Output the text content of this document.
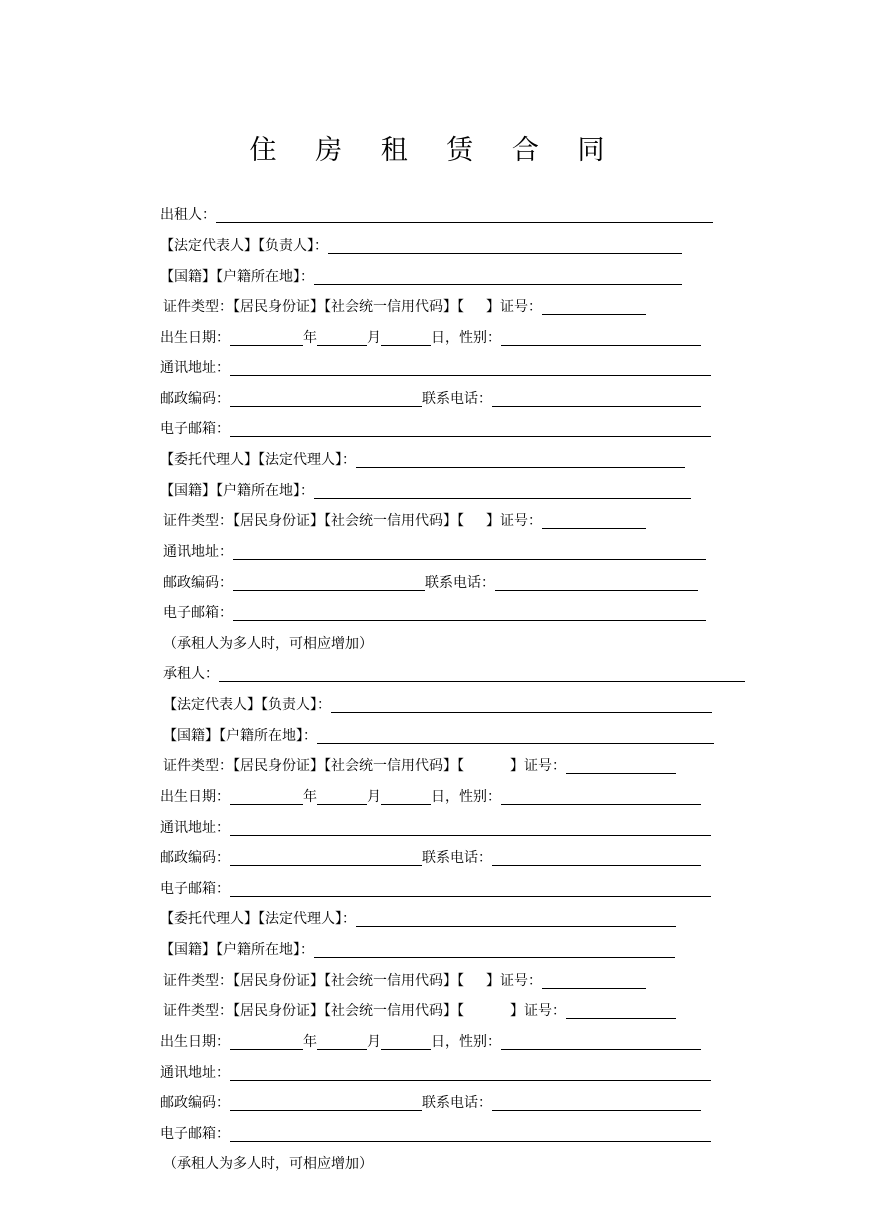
住 房 租 赁 合 同
出租人：
【法定代表人】【负责人】：
【国籍】【户籍所在地】：
证件类型：【居民身份证】【社会统一信用代码】【 】证号：
出生日期：	年	月	日，性别：
通讯地址：
邮政编码：	联系电话：
电子邮箱：
【委托代理人】【法定代理人】：
【国籍】【户籍所在地】：
证件类型：【居民身份证】【社会统一信用代码】【 】证号：
通讯地址：
邮政编码：	联系电话：
电子邮箱：
（承租人为多人时，可相应增加）
承租人：
【法定代表人】【负责人】：
【国籍】【户籍所在地】：
证件类型：【居民身份证】【社会统一信用代码】【	】证号：
出生日期：	年	月	日，性别：
通讯地址：
邮政编码：	联系电话：
电子邮箱：
【委托代理人】【法定代理人】：
【国籍】【户籍所在地】：
证件类型：【居民身份证】【社会统一信用代码】【 】证号：
证件类型：【居民身份证】【社会统一信用代码】【	】证号：
出生日期：	年	月	日，性别：
通讯地址：
邮政编码：	联系电话：
电子邮箱：
（承租人为多人时，可相应增加）
